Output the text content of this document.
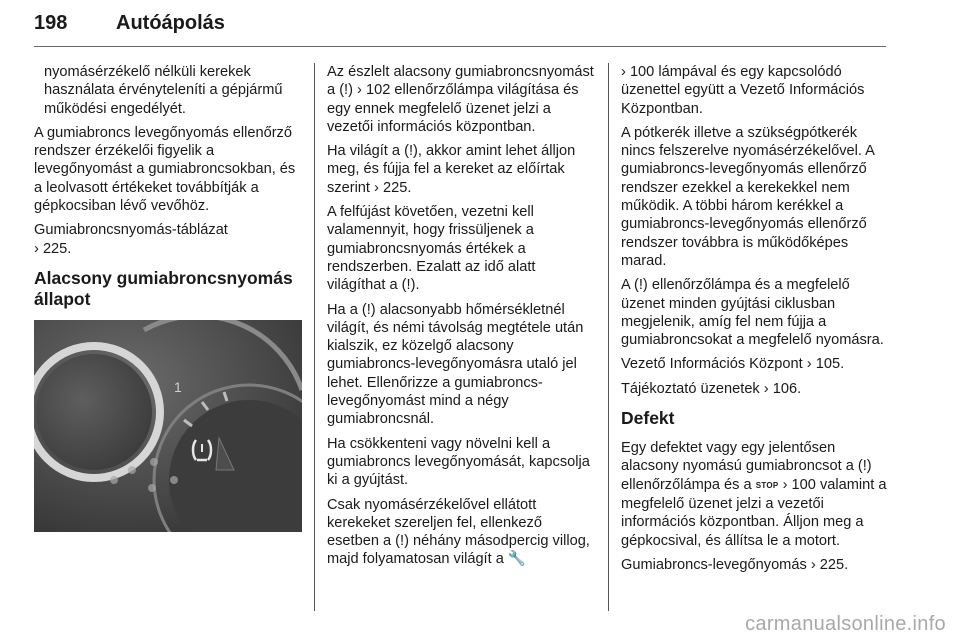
198 Autóápolás

nyomásérzékelő nélküli kerekek használata érvényteleníti a gépjármű működési engedélyét.

A gumiabroncs levegőnyomás ellenőrző rendszer érzékelői figyelik a levegőnyomást a gumiabroncsokban, és a leolvasott értékeket továbbítják a gépkocsiban lévő vevőhöz.

Gumiabroncsnyomás-táblázat
› 225.

Alacsony gumiabroncsnyomás állapot
1

Az észlelt alacsony gumiabroncsnyomást a (!) › 102 ellenőrzőlámpa világítása és egy ennek megfelelő üzenet jelzi a vezetői információs központban.

Ha világít a (!), akkor amint lehet álljon meg, és fújja fel a kereket az előírtak szerint › 225.

A felfújást követően, vezetni kell valamennyit, hogy frissüljenek a gumiabroncsnyomás értékek a rendszerben. Ezalatt az idő alatt világíthat a (!).

Ha a (!) alacsonyabb hőmérsékletnél világít, és némi távolság megtétele után kialszik, ez közelgő alacsony gumiabroncs-levegőnyomásra utaló jel lehet. Ellenőrizze a gumiabroncs-levegőnyomást mind a négy gumiabroncsnál.

Ha csökkenteni vagy növelni kell a gumiabroncs levegőnyomását, kapcsolja ki a gyújtást.

Csak nyomásérzékelővel ellátott kerekeket szereljen fel, ellenkező esetben a (!) néhány másodpercig villog, majd folyamatosan világít a 🔧

› 100 lámpával és egy kapcsolódó üzenettel együtt a Vezető Információs Központban.

A pótkerék illetve a szükségpótkerék nincs felszerelve nyomásérzékelővel. A gumiabroncs-levegőnyomás ellenőrző rendszer ezekkel a kerekekkel nem működik. A többi három kerékkel a gumiabroncs-levegőnyomás ellenőrző rendszer továbbra is működőképes marad.

A (!) ellenőrzőlámpa és a megfelelő üzenet minden gyújtási ciklusban megjelenik, amíg fel nem fújja a gumiabroncsokat a megfelelő nyomásra.

Vezető Információs Központ › 105.

Tájékoztató üzenetek › 106.

Defekt

Egy defektet vagy egy jelentősen alacsony nyomású gumiabroncsot a (!) ellenőrzőlámpa és a STOP › 100 valamint a megfelelő üzenet jelzi a vezetői információs központban. Álljon meg a gépkocsival, és állítsa le a motort.

Gumiabroncs-levegőnyomás › 225.

carmanualsonline.info
